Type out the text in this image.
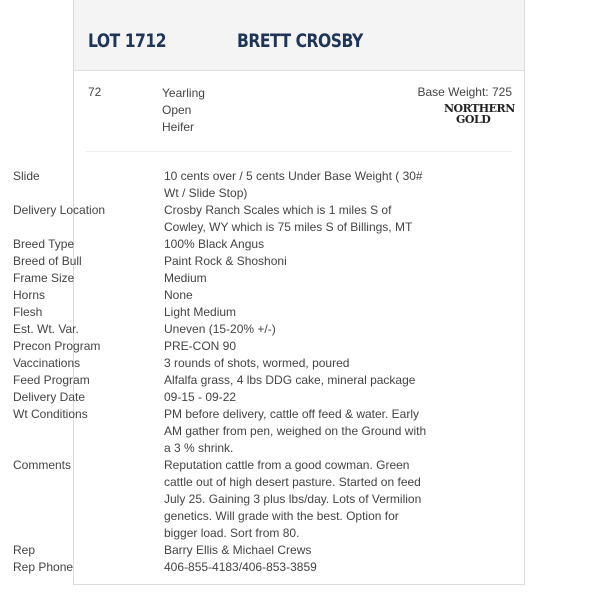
LOT 1712	BRETT CROSBY
72	Yearling
Open
Heifer
Base Weight: 725
NORTHERN
GOLD
Slide	10 cents over / 5 cents Under Base Weight ( 30# Wt / Slide Stop)
Delivery Location	Crosby Ranch Scales which is 1 miles S of Cowley, WY which is 75 miles S of Billings, MT
Breed Type	100% Black Angus
Breed of Bull	Paint Rock & Shoshoni
Frame Size	Medium
Horns	None
Flesh	Light Medium
Est. Wt. Var.	Uneven (15-20% +/-)
Precon Program	PRE-CON 90
Vaccinations	3 rounds of shots, wormed, poured
Feed Program	Alfalfa grass, 4 lbs DDG cake, mineral package
Delivery Date	09-15 - 09-22
Wt Conditions	PM before delivery, cattle off feed & water. Early AM gather from pen, weighed on the Ground with a 3 % shrink.
Comments	Reputation cattle from a good cowman. Green cattle out of high desert pasture. Started on feed July 25. Gaining 3 plus lbs/day. Lots of Vermilion genetics. Will grade with the best. Option for bigger load. Sort from 80.
Rep	Barry Ellis & Michael Crews
Rep Phone	406-855-4183/406-853-3859
